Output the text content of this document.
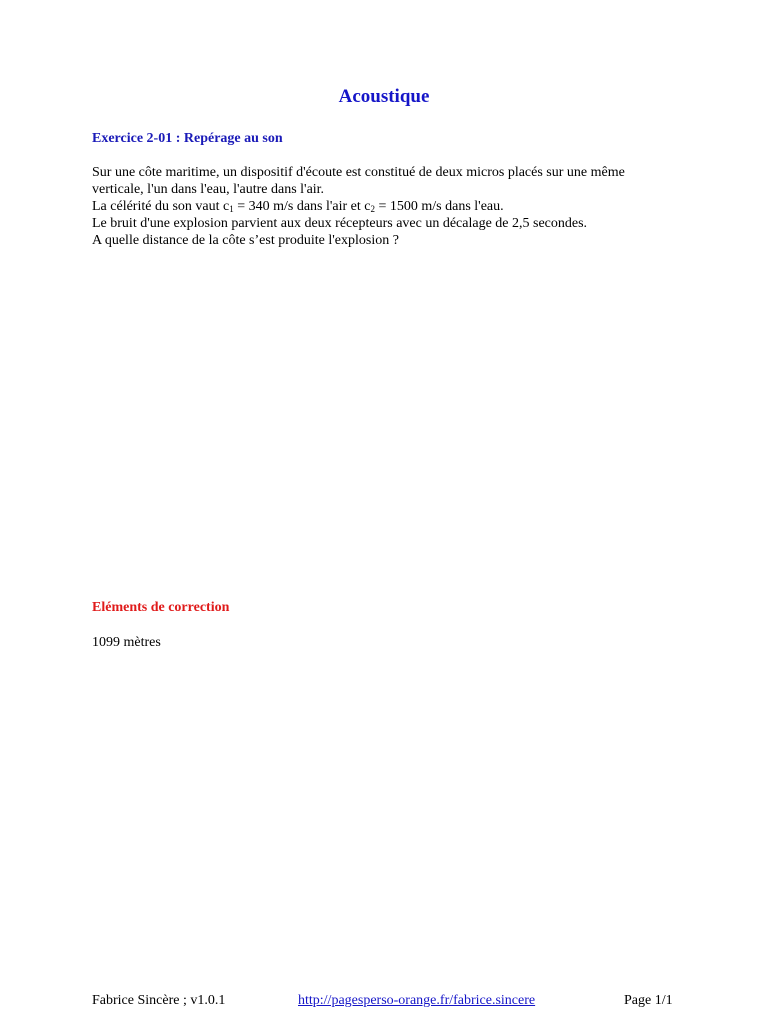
Acoustique
Exercice 2-01 : Repérage au son

Sur une côte maritime, un dispositif d'écoute est constitué de deux micros placés sur une même

verticale, l'un dans l'eau, l'autre dans l'air.

La célérité du son vaut $c_1 = 340$ m/s dans l'air et $c_2 = 1500$ m/s dans l'eau.

Le bruit d'une explosion parvient aux deux récepteurs avec un décalage de 2,5 secondes.

A quelle distance de la côte s’est produite l'explosion ?

Eléments de correction
1099 mètres
Fabrice Sincère ; v1.0.1	http://pagesperso-orange.fr/fabrice.sincere	Page 1/1
